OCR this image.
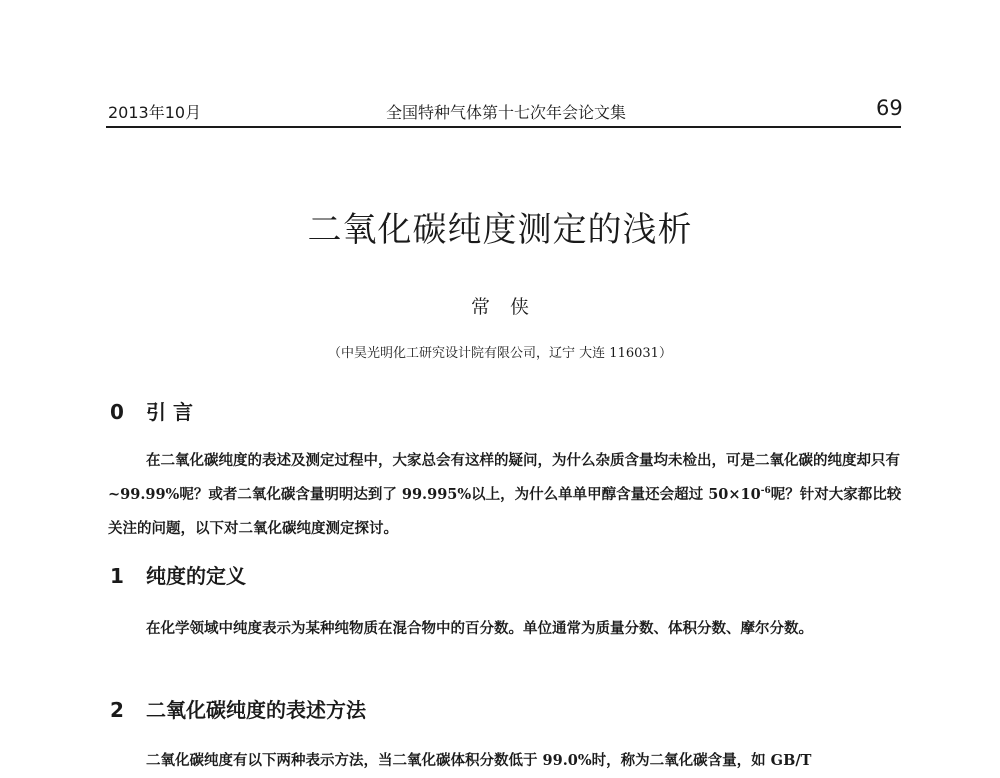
2013年10月	全国特种气体第十七次年会论文集	69
二氧化碳纯度测定的浅析
常侠
（中昊光明化工研究设计院有限公司，辽宁 大连 116031）
0 引 言
在二氧化碳纯度的表述及测定过程中，大家总会有这样的疑问，为什么杂质含量均未检出，可是二氧化碳的纯度却只有~99.99%呢？或者二氧化碳含量明明达到了 99.995%以上，为什么单单甲醇含量还会超过 $50\times 10^{-6}$呢？针对大家都比较关注的问题，以下对二氧化碳纯度测定探讨。
1 纯度的定义
在化学领域中纯度表示为某种纯物质在混合物中的百分数。单位通常为质量分数、体积分数、摩尔分数。
2 二氧化碳纯度的表述方法
二氧化碳纯度有以下两种表示方法，当二氧化碳体积分数低于 99.0%时，称为二氧化碳含量，如 GB/T
